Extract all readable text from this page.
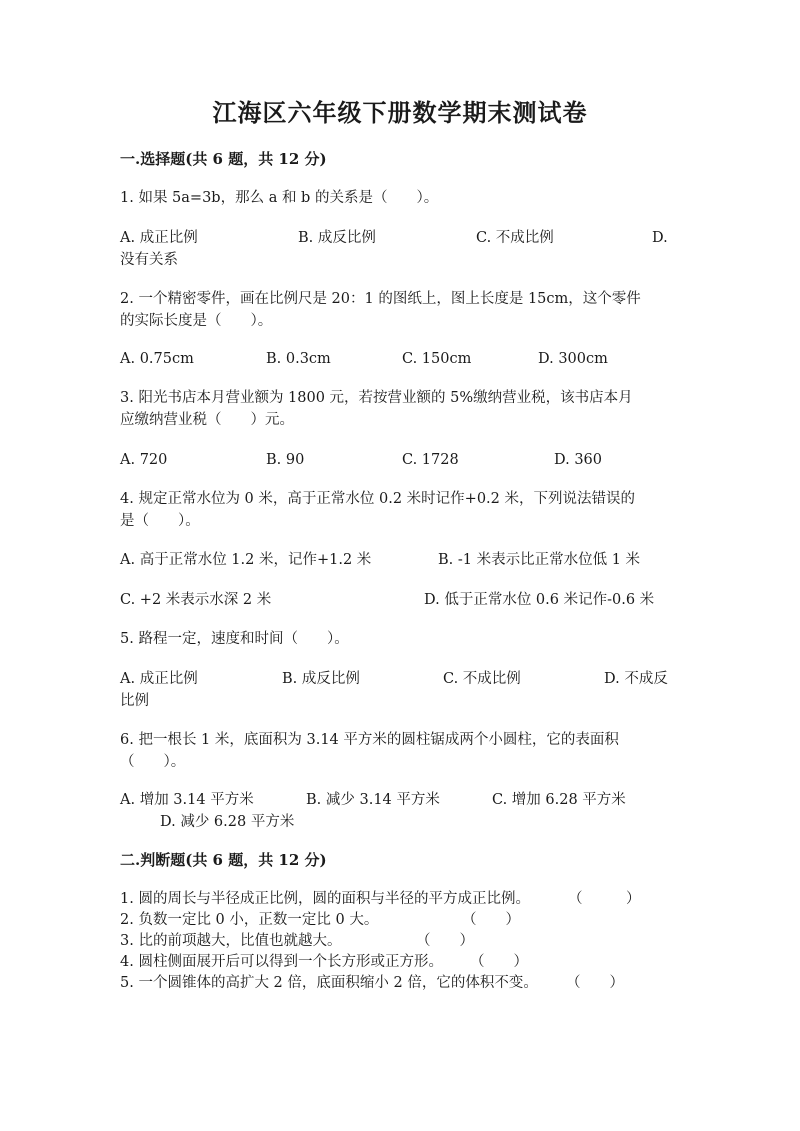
江海区六年级下册数学期末测试卷
一.选择题(共 6 题，共 12 分)
1. 如果 5a=3b，那么 a 和 b 的关系是（　　）。
A. 成正比例	B. 成反比例	C. 不成比例	D.
没有关系
2. 一个精密零件，画在比例尺是 20：1 的图纸上，图上长度是 15cm，这个零件
的实际长度是（　　）。
A. 0.75cm	B. 0.3cm	C. 150cm	D. 300cm
3. 阳光书店本月营业额为 1800 元，若按营业额的 5%缴纳营业税，该书店本月
应缴纳营业税（　　）元。
A. 720	B. 90	C. 1728	D. 360
4. 规定正常水位为 0 米，高于正常水位 0.2 米时记作+0.2 米，下列说法错误的
是（　　）。
A. 高于正常水位 1.2 米，记作+1.2 米	B. -1 米表示比正常水位低 1 米
C. +2 米表示水深 2 米	D. 低于正常水位 0.6 米记作-0.6 米
5. 路程一定，速度和时间（　　）。
A. 成正比例	B. 成反比例	C. 不成比例	D. 不成反
比例
6. 把一根长 1 米，底面积为 3.14 平方米的圆柱锯成两个小圆柱，它的表面积
（　　）。
A. 增加 3.14 平方米	B. 减少 3.14 平方米	C. 增加 6.28 平方米
D. 减少 6.28 平方米
二.判断题(共 6 题，共 12 分)
1. 圆的周长与半径成正比例，圆的面积与半径的平方成正比例。	（　　　）
2. 负数一定比 0 小，正数一定比 0 大。	（　　）
3. 比的前项越大，比值也就越大。	（　　）
4. 圆柱侧面展开后可以得到一个长方形或正方形。 （　　）
5. 一个圆锥体的高扩大 2 倍，底面积缩小 2 倍，它的体积不变。 （　　）
